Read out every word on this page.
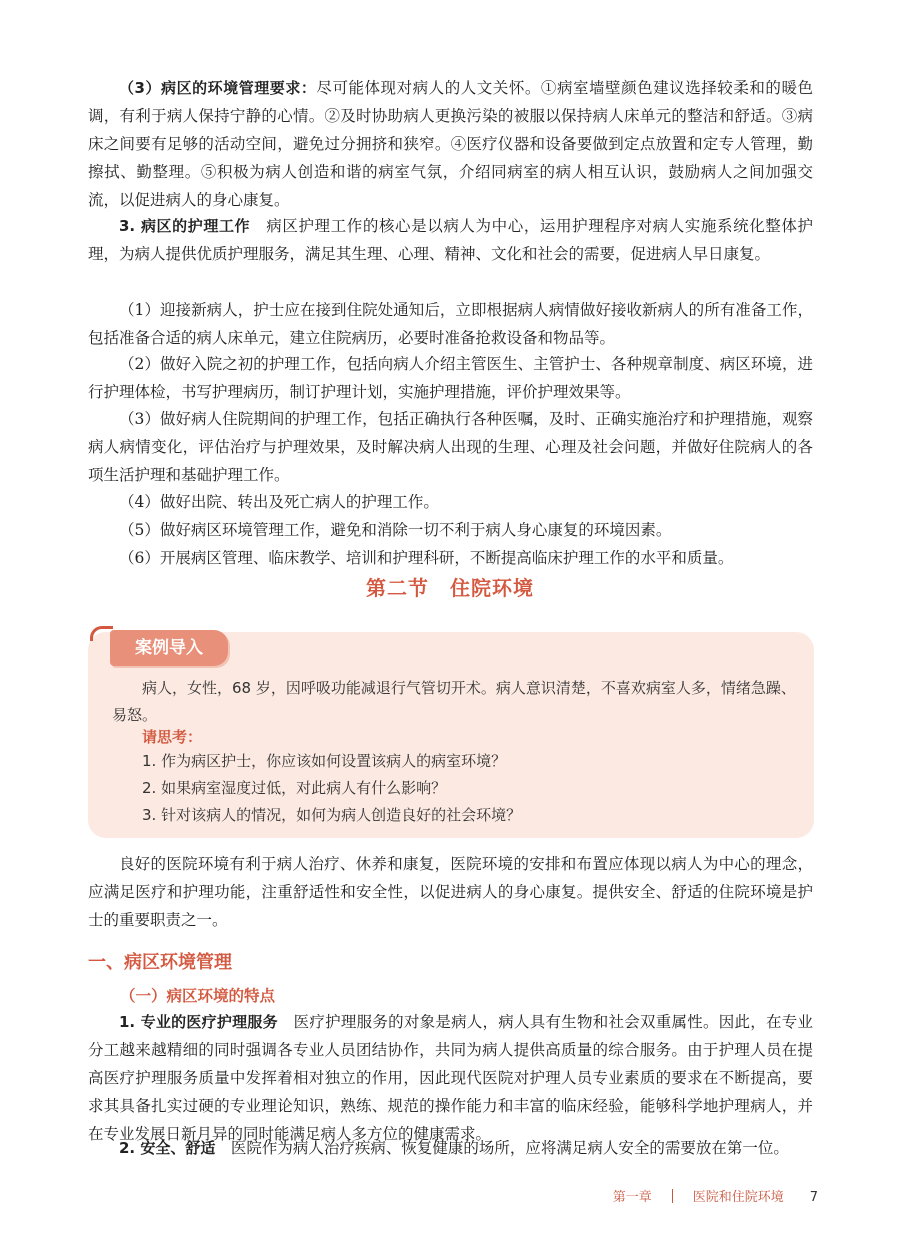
（3）病区的环境管理要求：尽可能体现对病人的人文关怀。①病室墙壁颜色建议选择较柔和的暖色调，有利于病人保持宁静的心情。②及时协助病人更换污染的被服以保持病人床单元的整洁和舒适。③病床之间要有足够的活动空间，避免过分拥挤和狭窄。④医疗仪器和设备要做到定点放置和定专人管理，勤擦拭、勤整理。⑤积极为病人创造和谐的病室气氛，介绍同病室的病人相互认识，鼓励病人之间加强交流，以促进病人的身心康复。

3. 病区的护理工作　病区护理工作的核心是以病人为中心，运用护理程序对病人实施系统化整体护理，为病人提供优质护理服务，满足其生理、心理、精神、文化和社会的需要，促进病人早日康复。

（1）迎接新病人，护士应在接到住院处通知后，立即根据病人病情做好接收新病人的所有准备工作，包括准备合适的病人床单元，建立住院病历，必要时准备抢救设备和物品等。

（2）做好入院之初的护理工作，包括向病人介绍主管医生、主管护士、各种规章制度、病区环境，进行护理体检，书写护理病历，制订护理计划，实施护理措施，评价护理效果等。

（3）做好病人住院期间的护理工作，包括正确执行各种医嘱，及时、正确实施治疗和护理措施，观察病人病情变化，评估治疗与护理效果，及时解决病人出现的生理、心理及社会问题，并做好住院病人的各项生活护理和基础护理工作。

（4）做好出院、转出及死亡病人的护理工作。

（5）做好病区环境管理工作，避免和消除一切不利于病人身心康复的环境因素。

（6）开展病区管理、临床教学、培训和护理科研，不断提高临床护理工作的水平和质量。

第二节　住院环境
案例导入

病人，女性，68 岁，因呼吸功能减退行气管切开术。病人意识清楚，不喜欢病室人多，情绪急躁、易怒。

请思考：

1. 作为病区护士，你应该如何设置该病人的病室环境？

2. 如果病室湿度过低，对此病人有什么影响？

3. 针对该病人的情况，如何为病人创造良好的社会环境？

良好的医院环境有利于病人治疗、休养和康复，医院环境的安排和布置应体现以病人为中心的理念，应满足医疗和护理功能，注重舒适性和安全性，以促进病人的身心康复。提供安全、舒适的住院环境是护士的重要职责之一。

一、病区环境管理
（一）病区环境的特点

1. 专业的医疗护理服务　医疗护理服务的对象是病人，病人具有生物和社会双重属性。因此，在专业分工越来越精细的同时强调各专业人员团结协作，共同为病人提供高质量的综合服务。由于护理人员在提高医疗护理服务质量中发挥着相对独立的作用，因此现代医院对护理人员专业素质的要求在不断提高，要求其具备扎实过硬的专业理论知识，熟练、规范的操作能力和丰富的临床经验，能够科学地护理病人，并在专业发展日新月异的同时能满足病人多方位的健康需求。

2. 安全、舒适　医院作为病人治疗疾病、恢复健康的场所，应将满足病人安全的需要放在第一位。

第一章	医院和住院环境 7
